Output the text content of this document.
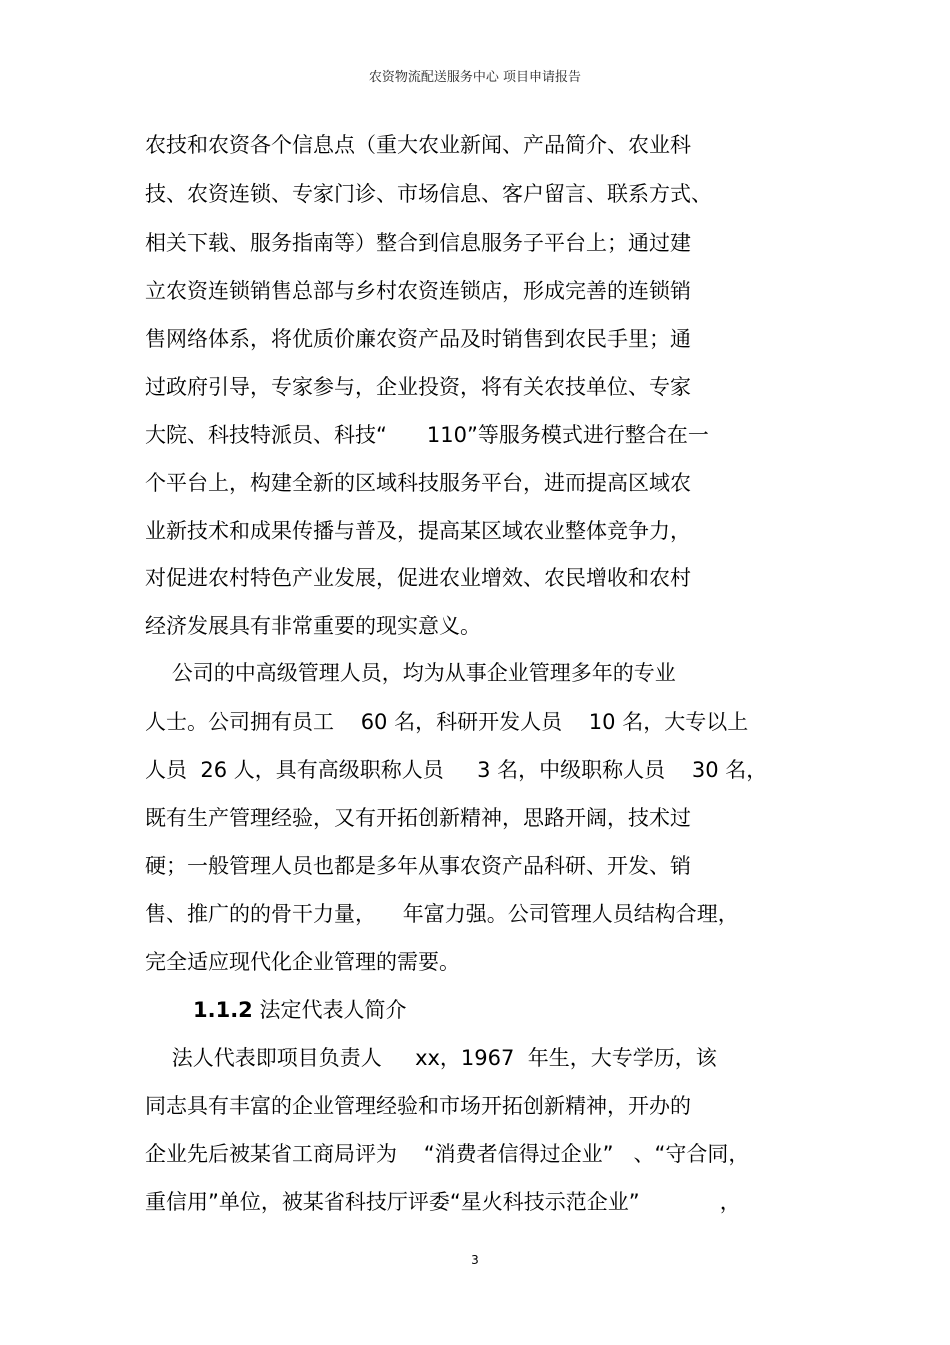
农资物流配送服务中心 项目申请报告
农技和农资各个信息点（重大农业新闻、产品简介、农业科
技、农资连锁、专家门诊、市场信息、客户留言、联系方式、
相关下载、服务指南等）整合到信息服务子平台上；通过建
立农资连锁销售总部与乡村农资连锁店，形成完善的连锁销
售网络体系，将优质价廉农资产品及时销售到农民手里；通
过政府引导，专家参与，企业投资，将有关农技单位、专家
大院、科技特派员、科技“      110”等服务模式进行整合在一
个平台上，构建全新的区域科技服务平台，进而提高区域农
业新技术和成果传播与普及，提高某区域农业整体竞争力，
对促进农村特色产业发展，促进农业增效、农民增收和农村
经济发展具有非常重要的现实意义。
公司的中高级管理人员，均为从事企业管理多年的专业
人士。公司拥有员工    60 名，科研开发人员    10 名，大专以上
人员  26 人，具有高级职称人员     3 名，中级职称人员    30 名，
既有生产管理经验，又有开拓创新精神，思路开阔，技术过
硬；一般管理人员也都是多年从事农资产品科研、开发、销
售、推广的的骨干力量，    年富力强。公司管理人员结构合理，
完全适应现代化企业管理的需要。
1.1.2 法定代表人简介
法人代表即项目负责人     xx，1967  年生，大专学历，该
同志具有丰富的企业管理经验和市场开拓创新精神，开办的
企业先后被某省工商局评为    “消费者信得过企业”   、“守合同，
重信用”单位，被某省科技厅评委“星火科技示范企业”            ，
3
